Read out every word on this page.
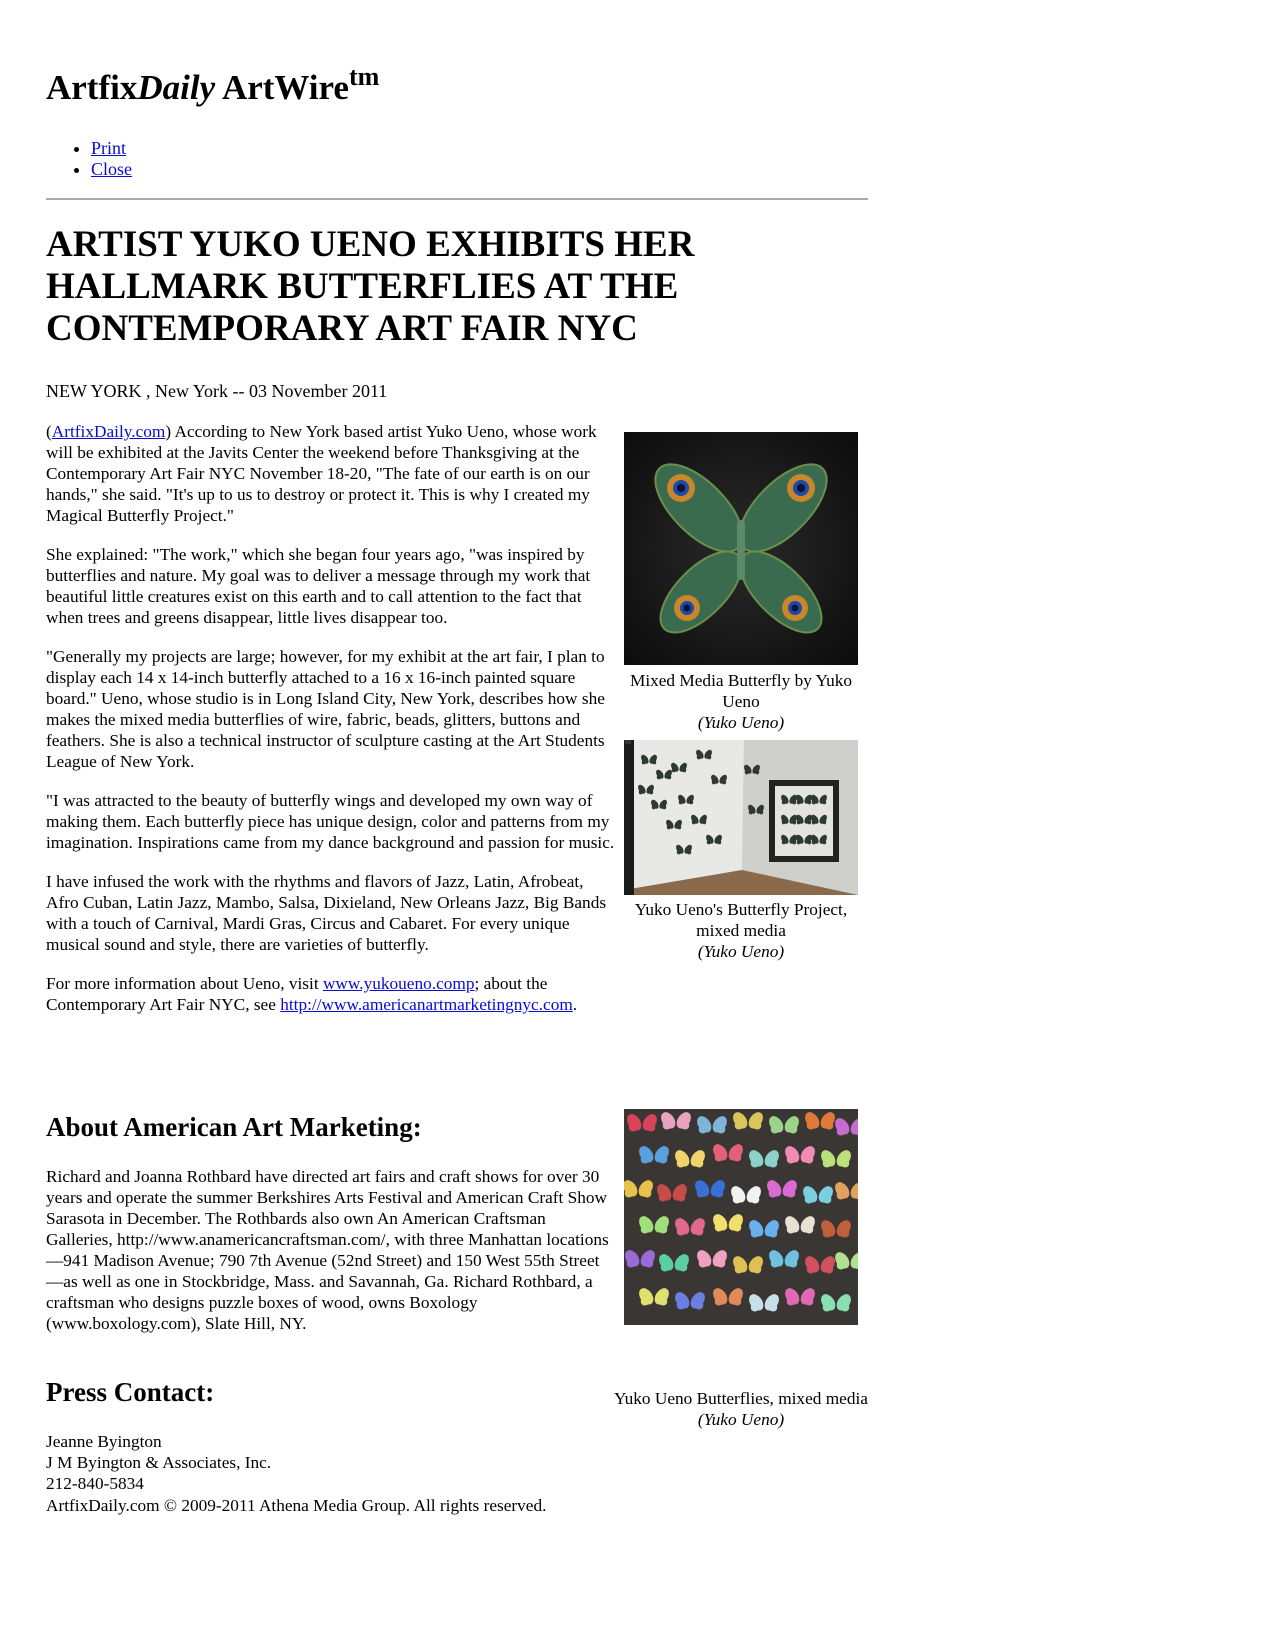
ArtfixDaily ArtWire$^{tm}$
• Print
• Close
ARTIST YUKO UENO EXHIBITS HER HALLMARK BUTTERFLIES AT THE CONTEMPORARY ART FAIR NYC
NEW YORK , New York -- 03 November 2011

(ArtfixDaily.com) According to New York based artist Yuko Ueno, whose work will be exhibited at the Javits Center the weekend before Thanksgiving at the Contemporary Art Fair NYC November 18-20, "The fate of our earth is on our hands," she said. "It's up to us to destroy or protect it. This is why I created my Magical Butterfly Project."

She explained: "The work," which she began four years ago, "was inspired by butterflies and nature. My goal was to deliver a message through my work that beautiful little creatures exist on this earth and to call attention to the fact that when trees and greens disappear, little lives disappear too.

"Generally my projects are large; however, for my exhibit at the art fair, I plan to display each 14 x 14-inch butterfly attached to a 16 x 16-inch painted square board." Ueno, whose studio is in Long Island City, New York, describes how she makes the mixed media butterflies of wire, fabric, beads, glitters, buttons and feathers. She is also a technical instructor of sculpture casting at the Art Students League of New York.

"I was attracted to the beauty of butterfly wings and developed my own way of making them. Each butterfly piece has unique design, color and patterns from my imagination. Inspirations came from my dance background and passion for music.

I have infused the work with the rhythms and flavors of Jazz, Latin, Afrobeat, Afro Cuban, Latin Jazz, Mambo, Salsa, Dixieland, New Orleans Jazz, Big Bands with a touch of Carnival, Mardi Gras, Circus and Cabaret. For every unique musical sound and style, there are varieties of butterfly.

For more information about Ueno, visit www.yukoueno.comp; about the Contemporary Art Fair NYC, see http://www.americanartmarketingnyc.com.

About American Art Marketing:

Richard and Joanna Rothbard have directed art fairs and craft shows for over 30 years and operate the summer Berkshires Arts Festival and American Craft Show Sarasota in December. The Rothbards also own An American Craftsman Galleries, http://www.anamericancraftsman.com/, with three Manhattan locations—941 Madison Avenue; 790 7th Avenue (52nd Street) and 150 West 55th Street—as well as one in Stockbridge, Mass. and Savannah, Ga. Richard Rothbard, a craftsman who designs puzzle boxes of wood, owns Boxology (www.boxology.com), Slate Hill, NY.

Press Contact:
Jeanne Byington
J M Byington & Associates, Inc.
212-840-5834
ArtfixDaily.com © 2009-2011 Athena Media Group. All rights reserved.
Mixed Media Butterfly by Yuko Ueno
(Yuko Ueno)
Yuko Ueno's Butterfly Project, mixed media
(Yuko Ueno)
Yuko Ueno Butterflies, mixed media
(Yuko Ueno)
